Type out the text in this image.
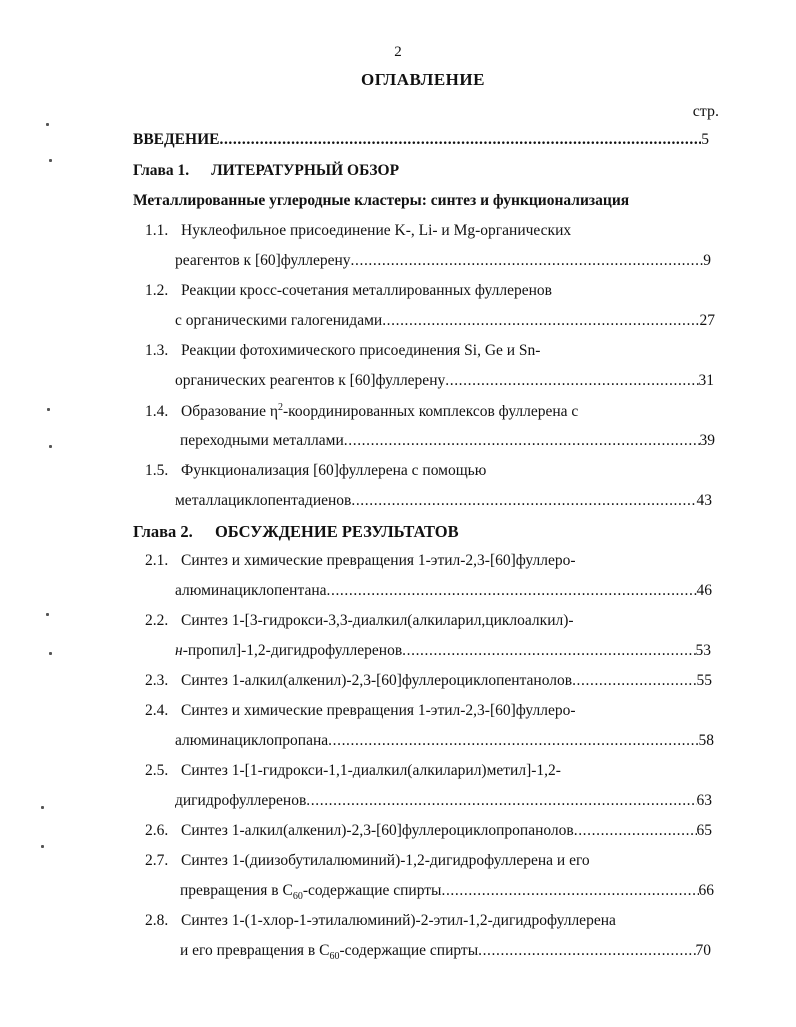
2
ОГЛАВЛЕНИЕ
стр.
ВВЕДЕНИЕ .....	5
Глава 1. ЛИТЕРАТУРНЫЙ ОБЗОР
Металлированные углеродные кластеры: синтез и функционализация
1.1. Нуклеофильное присоединение K-, Li- и Mg-органических
реагентов к [60]фуллерену .....	9
1.2. Реакции кросс-сочетания металлированных фуллеренов
с органическими галогенидами .....	27
1.3. Реакции фотохимического присоединения Si, Ge и Sn-
органических реагентов к [60]фуллерену .....	31
1.4. Образование $\eta^2$-координированных комплексов фуллерена с
переходными металлами .....	39
1.5. Функционализация [60]фуллерена с помощью
металлациклопентадиенов .....	43
Глава 2. ОБСУЖДЕНИЕ РЕЗУЛЬТАТОВ
2.1. Синтез и химические превращения 1-этил-2,3-[60]фуллеро-
алюминациклопентана .....	46
2.2. Синтез 1-[3-гидрокси-3,3-диалкил(алкиларил,циклоалкил)-
н-пропил]-1,2-дигидрофуллеренов .....	53
2.3. Синтез 1-алкил(алкенил)-2,3-[60]фуллероциклопентанолов .....	55
2.4. Синтез и химические превращения 1-этил-2,3-[60]фуллеро-
алюминациклопропана .....	58
2.5. Синтез 1-[1-гидрокси-1,1-диалкил(алкиларил)метил]-1,2-
дигидрофуллеренов .....	63
2.6. Синтез 1-алкил(алкенил)-2,3-[60]фуллероциклопропанолов .....	65
2.7. Синтез 1-(диизобутилалюминий)-1,2-дигидрофуллерена и его
превращения в $C_{60}$-содержащие спирты .....	66
2.8. Синтез 1-(1-хлор-1-этилалюминий)-2-этил-1,2-дигидрофуллерена
и его превращения в $C_{60}$-содержащие спирты .....	70
